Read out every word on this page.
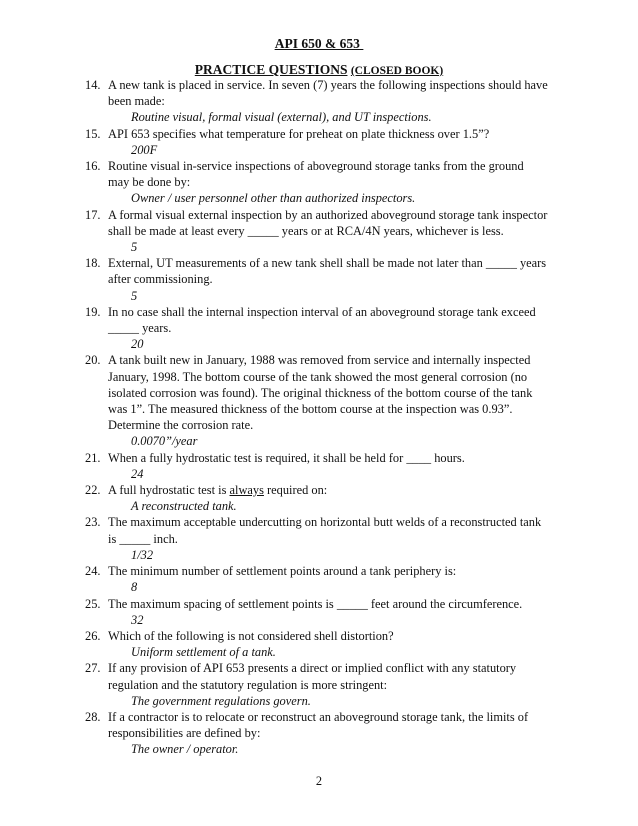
API 650 & 653
PRACTICE QUESTIONS (CLOSED BOOK)
14. A new tank is placed in service. In seven (7) years the following inspections should have been made:
Routine visual, formal visual (external), and UT inspections.
15. API 653 specifies what temperature for preheat on plate thickness over 1.5”?
200F
16. Routine visual in-service inspections of aboveground storage tanks from the ground may be done by:
Owner / user personnel other than authorized inspectors.
17. A formal visual external inspection by an authorized aboveground storage tank inspector shall be made at least every _____ years or at RCA/4N years, whichever is less.
5
18. External, UT measurements of a new tank shell shall be made not later than _____ years after commissioning.
5
19. In no case shall the internal inspection interval of an aboveground storage tank exceed _____ years.
20
20. A tank built new in January, 1988 was removed from service and internally inspected January, 1998. The bottom course of the tank showed the most general corrosion (no isolated corrosion was found). The original thickness of the bottom course of the tank was 1”. The measured thickness of the bottom course at the inspection was 0.93”. Determine the corrosion rate.
0.0070”/year
21. When a fully hydrostatic test is required, it shall be held for ____ hours.
24
22. A full hydrostatic test is always required on:
A reconstructed tank.
23. The maximum acceptable undercutting on horizontal butt welds of a reconstructed tank is _____ inch.
1/32
24. The minimum number of settlement points around a tank periphery is:
8
25. The maximum spacing of settlement points is _____ feet around the circumference.
32
26. Which of the following is not considered shell distortion?
Uniform settlement of a tank.
27. If any provision of API 653 presents a direct or implied conflict with any statutory regulation and the statutory regulation is more stringent:
The government regulations govern.
28. If a contractor is to relocate or reconstruct an aboveground storage tank, the limits of responsibilities are defined by:
The owner / operator.
2
